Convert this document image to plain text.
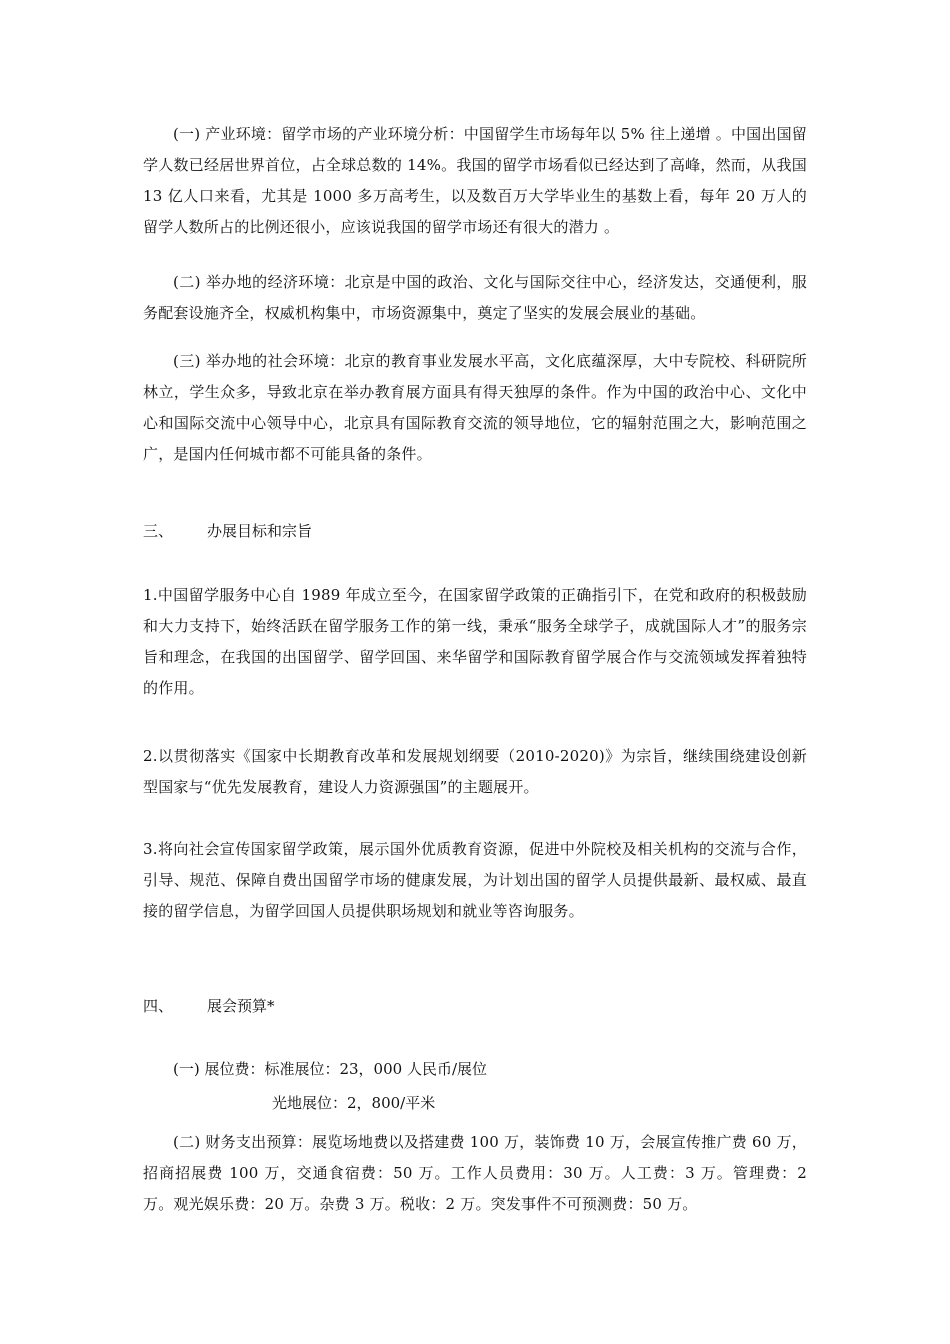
(一) 产业环境：留学市场的产业环境分析：中国留学生市场每年以 5% 往上递增 。中国出国留学人数已经居世界首位，占全球总数的 14%。我国的留学市场看似已经达到了高峰，然而，从我国 13 亿人口来看，尤其是 1000 多万高考生，以及数百万大学毕业生的基数上看，每年 20 万人的留学人数所占的比例还很小，应该说我国的留学市场还有很大的潜力 。

(二) 举办地的经济环境：北京是中国的政治、文化与国际交往中心，经济发达，交通便利，服务配套设施齐全，权威机构集中，市场资源集中，奠定了坚实的发展会展业的基础。

(三) 举办地的社会环境：北京的教育事业发展水平高，文化底蕴深厚，大中专院校、科研院所林立，学生众多，导致北京在举办教育展方面具有得天独厚的条件。作为中国的政治中心、文化中心和国际交流中心领导中心，北京具有国际教育交流的领导地位，它的辐射范围之大，影响范围之广，是国内任何城市都不可能具备的条件。

三、 办展目标和宗旨

1.中国留学服务中心自 1989 年成立至今，在国家留学政策的正确指引下，在党和政府的积极鼓励和大力支持下，始终活跃在留学服务工作的第一线，秉承“服务全球学子，成就国际人才”的服务宗旨和理念，在我国的出国留学、留学回国、来华留学和国际教育留学展合作与交流领域发挥着独特的作用。

2.以贯彻落实《国家中长期教育改革和发展规划纲要（2010-2020)》为宗旨，继续围绕建设创新型国家与“优先发展教育，建设人力资源强国”的主题展开。

3.将向社会宣传国家留学政策，展示国外优质教育资源，促进中外院校及相关机构的交流与合作，引导、规范、保障自费出国留学市场的健康发展，为计划出国的留学人员提供最新、最权威、最直接的留学信息，为留学回国人员提供职场规划和就业等咨询服务。

四、 展会预算*

(一) 展位费：标准展位：23，000 人民币/展位

光地展位：2，800/平米

(二) 财务支出预算：展览场地费以及搭建费 100 万，装饰费 10 万，会展宣传推广费 60 万，招商招展费 100 万，交通食宿费：50 万。工作人员费用：30 万。人工费：3 万。管理费：2 万。观光娱乐费：20 万。杂费 3 万。税收：2 万。突发事件不可预测费：50 万。
